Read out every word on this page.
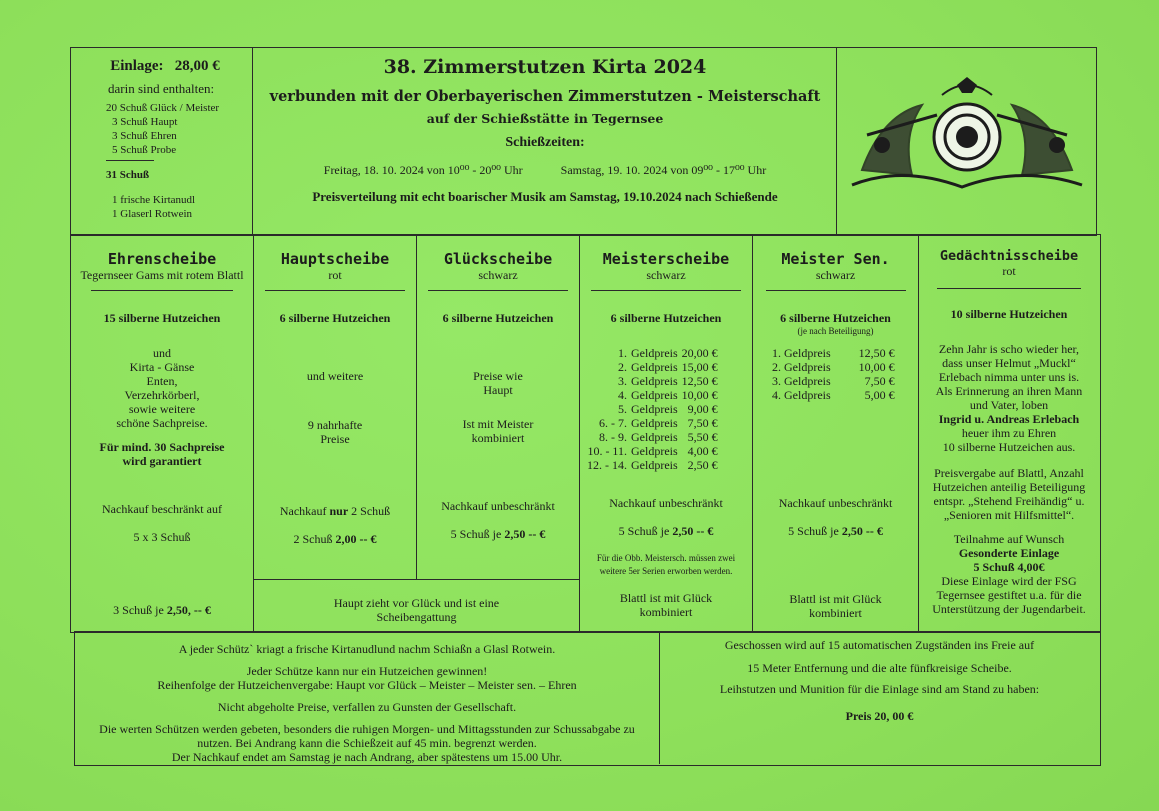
Einlage: 28,00 €
darin sind enthalten:
20 Schuß Glück / Meister
3 Schuß Haupt
3 Schuß Ehren
5 Schuß Probe
31 Schuß
1 frische Kirtanudl
1 Glaserl Rotwein
38. Zimmerstutzen Kirta 2024
verbunden mit der Oberbayerischen Zimmerstutzen - Meisterschaft
auf der Schießstätte in Tegernsee
Schießzeiten:
Freitag, 18. 10. 2024 von 10⁰⁰ - 20⁰⁰ Uhr	Samstag, 19. 10. 2024 von 09⁰⁰ - 17⁰⁰ Uhr
Preisverteilung mit echt boarischer Musik am Samstag, 19.10.2024 nach Schießende
Ehrenscheibe
Tegernseer Gams mit rotem Blattl
15 silberne Hutzeichen
und
Kirta - Gänse
Enten,
Verzehrkörberl,
sowie weitere
schöne Sachpreise.
Für mind. 30 Sachpreise
wird garantiert
Nachkauf beschränkt auf
5 x 3 Schuß
3 Schuß je 2,50, -- €
Hauptscheibe
rot
6 silberne Hutzeichen
und weitere
9 nahrhafte
Preise
Nachkauf nur 2 Schuß
2 Schuß 2,00 -- €
Glückscheibe
schwarz
6 silberne Hutzeichen
Preise wie
Haupt
Ist mit Meister
kombiniert
Nachkauf unbeschränkt
5 Schuß je 2,50 -- €
Haupt zieht vor Glück und ist eine
Scheibengattung
Meisterscheibe
schwarz
6 silberne Hutzeichen
1.	Geldpreis	20,00 €
2.	Geldpreis	15,00 €
3.	Geldpreis	12,50 €
4.	Geldpreis	10,00 €
5.	Geldpreis	9,00 €
6. - 7.	Geldpreis	7,50 €
8. - 9.	Geldpreis	5,50 €
10. - 11.	Geldpreis	4,00 €
12. - 14.	Geldpreis	2,50 €
Nachkauf unbeschränkt
5 Schuß je 2,50 -- €
Für die Obb. Meistersch. müssen zwei
weitere 5er Serien erworben werden.
Blattl ist mit Glück
kombiniert
Meister Sen.
schwarz
6 silberne Hutzeichen
(je nach Beteiligung)
1. Geldpreis	12,50 €
2. Geldpreis	10,00 €
3. Geldpreis	7,50 €
4. Geldpreis	5,00 €
Nachkauf unbeschränkt
5 Schuß je 2,50 -- €
Blattl ist mit Glück
kombiniert
Gedächtnisscheibe
rot
10 silberne Hutzeichen
Zehn Jahr is scho wieder her,
dass unser Helmut „Muckl“
Erlebach nimma unter uns is.
Als Erinnerung an ihren Mann
und Vater, loben
Ingrid u. Andreas Erlebach
heuer ihm zu Ehren
10 silberne Hutzeichen aus.
Preisvergabe auf Blattl, Anzahl
Hutzeichen anteilig Beteiligung
entspr. „Stehend Freihändig“ u.
„Senioren mit Hilfsmittel“.
Teilnahme auf Wunsch
Gesonderte Einlage
5 Schuß 4,00€
Diese Einlage wird der FSG
Tegernsee gestiftet u.a. für die
Unterstützung der Jugendarbeit.
A jeder Schütz` kriagt a frische Kirtanudlund nachm Schiaßn a Glasl Rotwein.
Jeder Schütze kann nur ein Hutzeichen gewinnen!
Reihenfolge der Hutzeichenvergabe: Haupt vor Glück – Meister – Meister sen. – Ehren
Nicht abgeholte Preise, verfallen zu Gunsten der Gesellschaft.
Die werten Schützen werden gebeten, besonders die ruhigen Morgen- und Mittagsstunden zur Schussabgabe zu
nutzen. Bei Andrang kann die Schießzeit auf 45 min. begrenzt werden.
Der Nachkauf endet am Samstag je nach Andrang, aber spätestens um 15.00 Uhr.
Geschossen wird auf 15 automatischen Zugständen ins Freie auf
15 Meter Entfernung und die alte fünfkreisige Scheibe.
Leihstutzen und Munition für die Einlage sind am Stand zu haben:
Preis 20, 00 €
